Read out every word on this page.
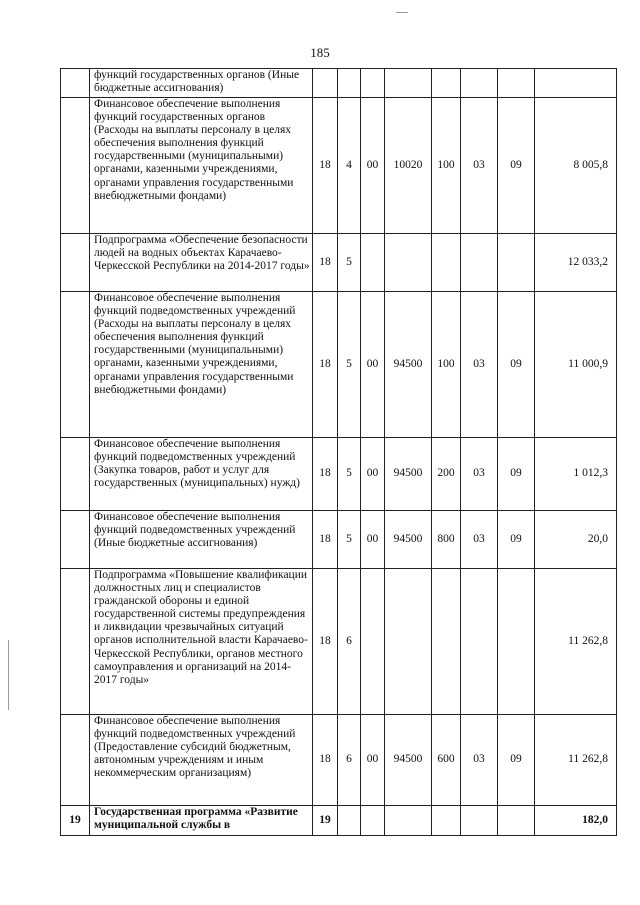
185
	функций государственных органов (Иные бюджетные ассигнования)								
	Финансовое обеспечение выполнения функций государственных органов (Расходы на выплаты персоналу в целях обеспечения выполнения функций государственными (муниципальными) органами, казенными учреждениями, органами управления государственными внебюджетными фондами)	18	4	00	10020	100	03	09	8 005,8
	Подпрограмма «Обеспечение безопасности людей на водных объектах Карачаево-Черкесской Республики на 2014-2017 годы»	18	5						12 033,2
	Финансовое обеспечение выполнения функций подведомственных учреждений (Расходы на выплаты персоналу в целях обеспечения выполнения функций государственными (муниципальными) органами, казенными учреждениями, органами управления государственными внебюджетными фондами)	18	5	00	94500	100	03	09	11 000,9
	Финансовое обеспечение выполнения функций подведомственных учреждений (Закупка товаров, работ и услуг для государственных (муниципальных) нужд)	18	5	00	94500	200	03	09	1 012,3
	Финансовое обеспечение выполнения функций подведомственных учреждений (Иные бюджетные ассигнования)	18	5	00	94500	800	03	09	20,0
	Подпрограмма «Повышение квалификации должностных лиц и специалистов гражданской обороны и единой государственной системы предупреждения и ликвидации чрезвычайных ситуаций органов исполнительной власти Карачаево-Черкесской Республики, органов местного самоуправления и организаций на 2014-2017 годы»	18	6						11 262,8
	Финансовое обеспечение выполнения функций подведомственных учреждений (Предоставление субсидий бюджетным, автономным учреждениям и иным некоммерческим организациям)	18	6	00	94500	600	03	09	11 262,8
19	Государственная программа «Развитие муниципальной службы в	19							182,0
